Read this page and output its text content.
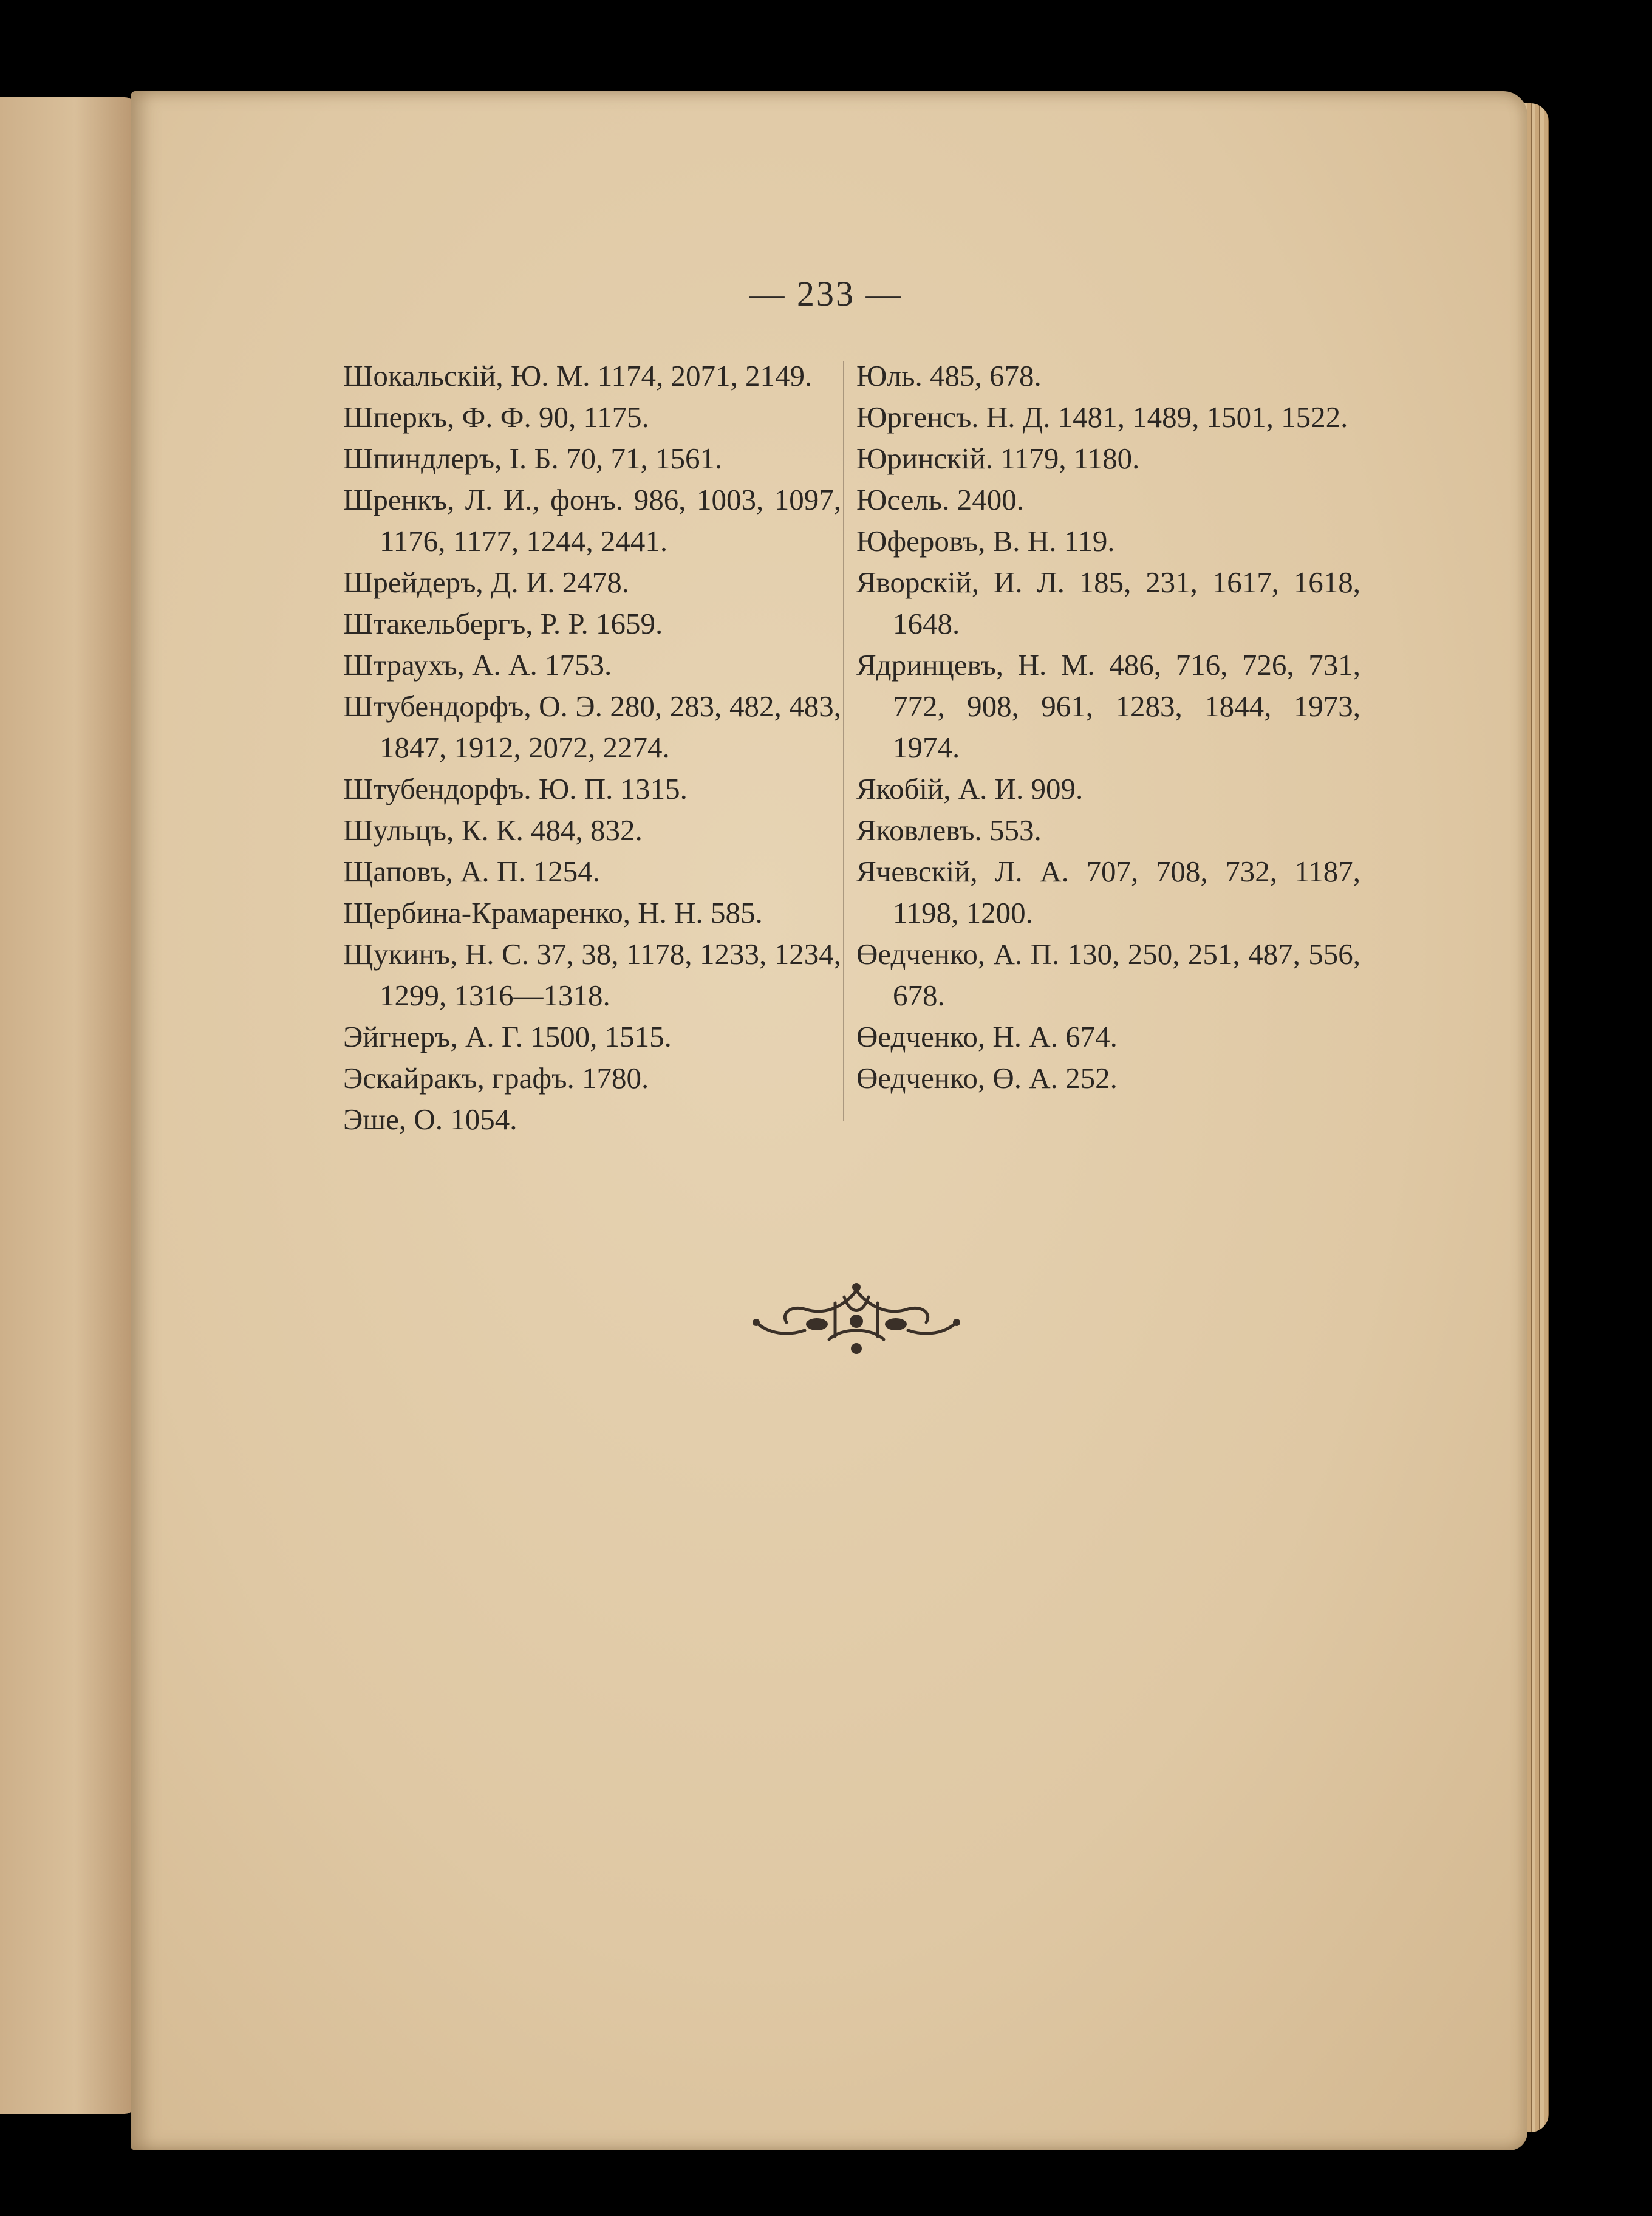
— 233 —

Шокальскій, Ю. М. 1174, 2071, 2149.

Шперкъ, Ф. Ф. 90, 1175.

Шпиндлеръ, І. Б. 70, 71, 1561.

Шренкъ, Л. И., фонъ. 986, 1003, 1097, 1176, 1177, 1244, 2441.

Шрейдеръ, Д. И. 2478.

Штакельбергъ, Р. Р. 1659.

Штраухъ, А. А. 1753.

Штубендорфъ, О. Э. 280, 283, 482, 483, 1847, 1912, 2072, 2274.

Штубендорфъ. Ю. П. 1315.

Шульцъ, К. К. 484, 832.

Щаповъ, А. П. 1254.

Щербина-Крамаренко, Н. Н. 585.

Щукинъ, Н. С. 37, 38, 1178, 1233, 1234, 1299, 1316—1318.

Эйгнеръ, А. Г. 1500, 1515.

Эскайракъ, графъ. 1780.

Эше, О. 1054.

Юль. 485, 678.

Юргенсъ. Н. Д. 1481, 1489, 1501, 1522.

Юринскій. 1179, 1180.

Юсель. 2400.

Юферовъ, В. Н. 119.

Яворскій, И. Л. 185, 231, 1617, 1618, 1648.

Ядринцевъ, Н. М. 486, 716, 726, 731, 772, 908, 961, 1283, 1844, 1973, 1974.

Якобій, А. И. 909.

Яковлевъ. 553.

Ячевскій, Л. А. 707, 708, 732, 1187, 1198, 1200.

Өедченко, А. П. 130, 250, 251, 487, 556, 678.

Өедченко, Н. А. 674.

Өедченко, Ө. А. 252.
